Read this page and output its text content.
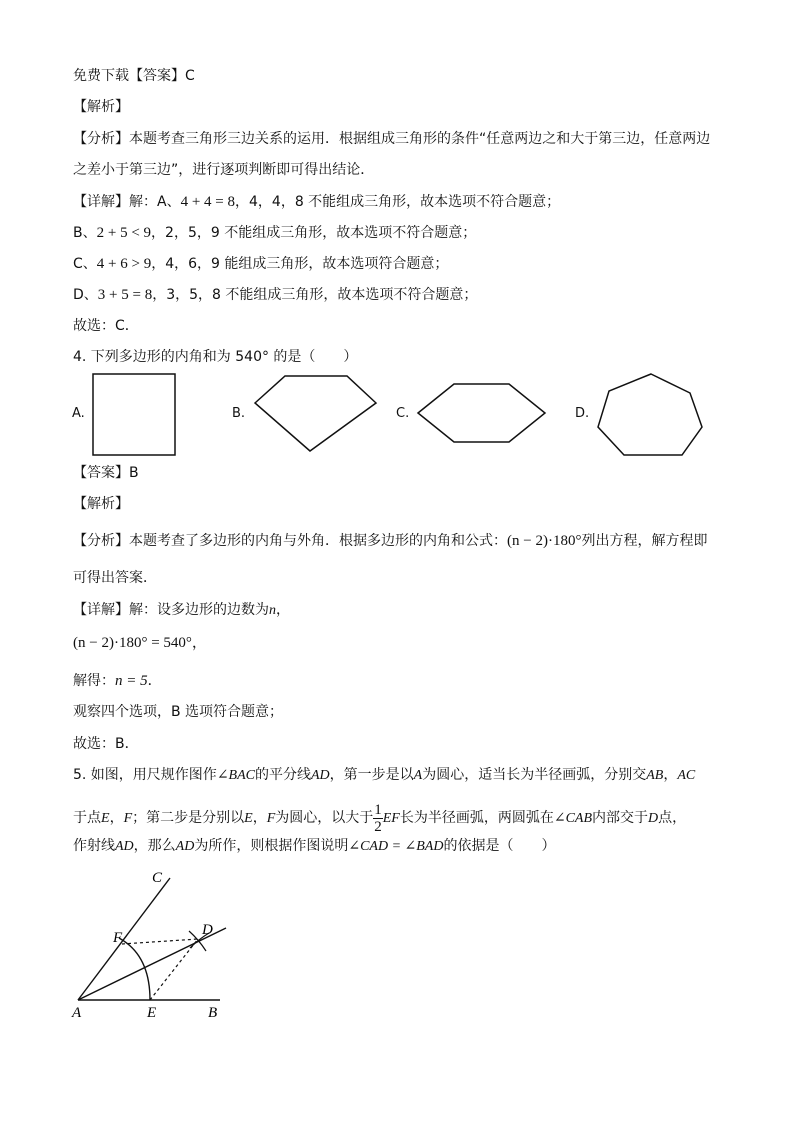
免费下载【答案】C
【解析】
【分析】本题考查三角形三边关系的运用．根据组成三角形的条件“任意两边之和大于第三边，任意两边
之差小于第三边”，进行逐项判断即可得出结论．
【详解】解：A、4 + 4 = 8，4，4，8 不能组成三角形，故本选项不符合题意；
B、2 + 5 < 9，2，5，9 不能组成三角形，故本选项不符合题意；
C、4 + 6 > 9，4，6，9 能组成三角形，故本选项符合题意；
D、3 + 5 = 8，3，5，8 不能组成三角形，故本选项不符合题意；
故选：C．
4. 下列多边形的内角和为 540° 的是（　　）
A.	B.	C.	D.
【答案】B
【解析】
【分析】本题考查了多边形的内角与外角．根据多边形的内角和公式：(n − 2)·180°列出方程，解方程即
可得出答案．
【详解】解：设多边形的边数为n，
(n − 2)·180° = 540°，
解得：n = 5．
观察四个选项，B 选项符合题意；
故选：B．
5. 如图，用尺规作图作∠BAC的平分线AD，第一步是以A为圆心，适当长为半径画弧，分别交AB，AC
于点E，F；第二步是分别以E，F为圆心，以大于 $\frac{1}{2}$ EF长为半径画弧，两圆弧在∠CAB内部交于D点，
作射线AD，那么AD为所作，则根据作图说明∠CAD = ∠BAD的依据是（　　）
C
F	D
A	E	B
